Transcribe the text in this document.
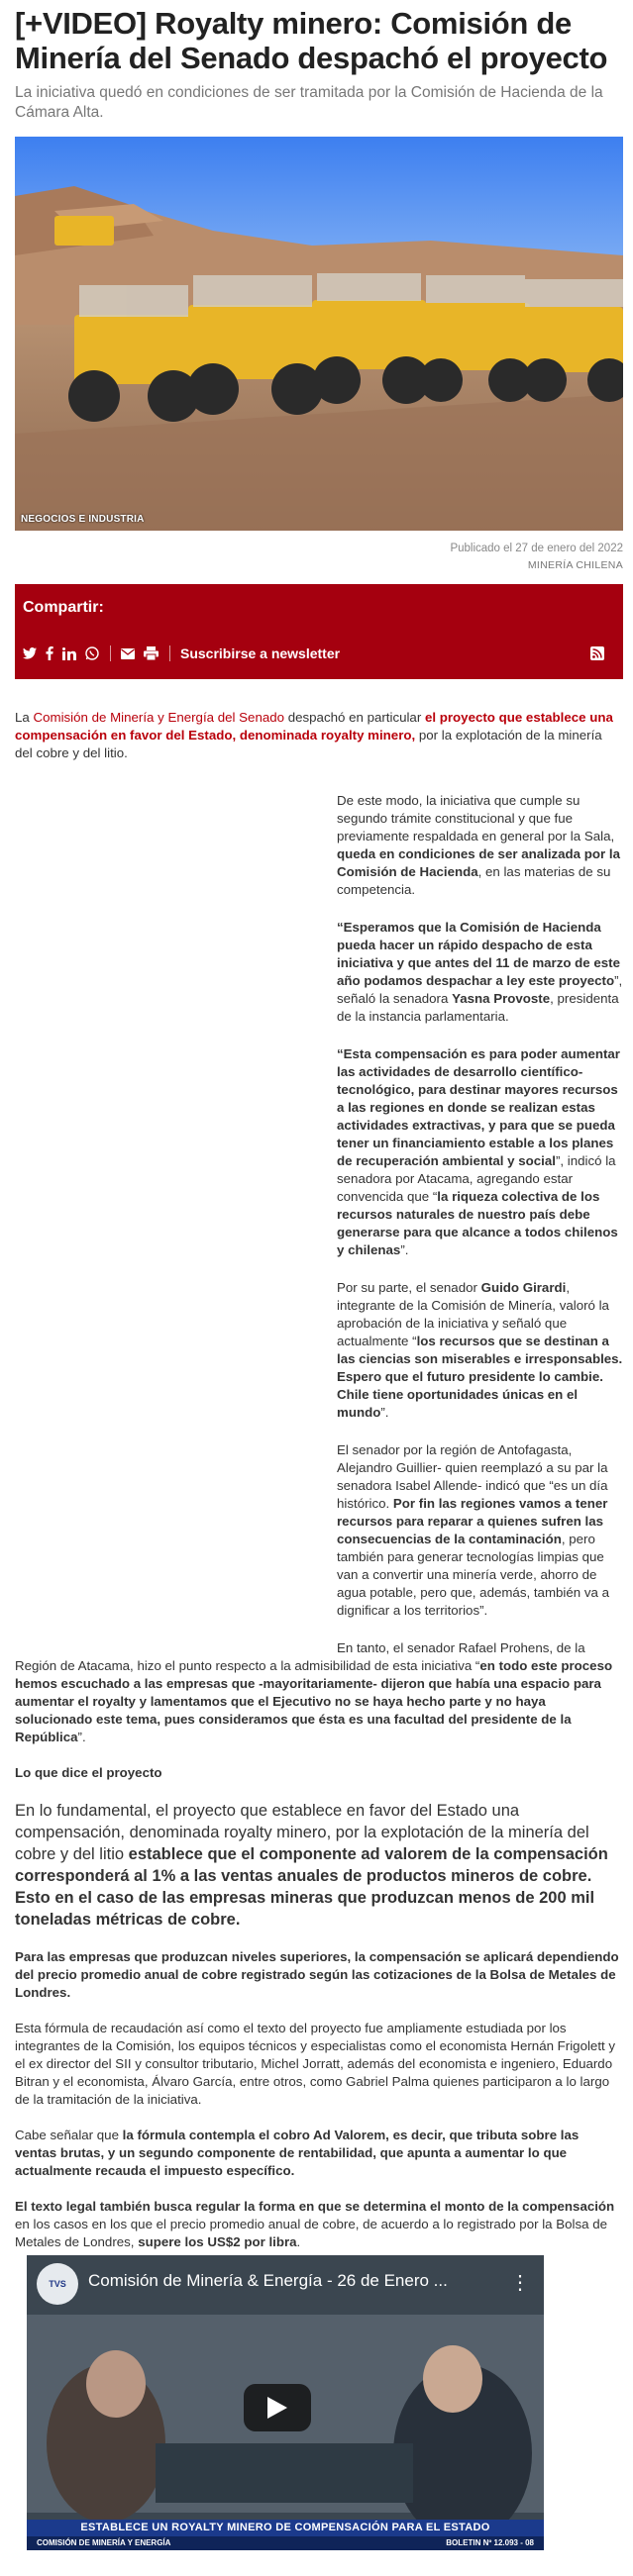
[+VIDEO] Royalty minero: Comisión de Minería del Senado despachó el proyecto
La iniciativa quedó en condiciones de ser tramitada por la Comisión de Hacienda de la Cámara Alta.
NEGOCIOS E INDUSTRIA
Publicado el 27 de enero del 2022
MINERÍA CHILENA
Compartir:
Suscribirse a newsletter

La Comisión de Minería y Energía del Senado despachó en particular el proyecto que establece una compensación en favor del Estado, denominada royalty minero, por la explotación de la minería del cobre y del litio.

De este modo, la iniciativa que cumple su segundo trámite constitucional y que fue previamente respaldada en general por la Sala, queda en condiciones de ser analizada por la Comisión de Hacienda, en las materias de su competencia.

“Esperamos que la Comisión de Hacienda pueda hacer un rápido despacho de esta iniciativa y que antes del 11 de marzo de este año podamos despachar a ley este proyecto”, señaló la senadora Yasna Provoste, presidenta de la instancia parlamentaria.

“Esta compensación es para poder aumentar las actividades de desarrollo científico-tecnológico, para destinar mayores recursos a las regiones en donde se realizan estas actividades extractivas, y para que se pueda tener un financiamiento estable a los planes de recuperación ambiental y social”, indicó la senadora por Atacama, agregando estar convencida que “la riqueza colectiva de los recursos naturales de nuestro país debe generarse para que alcance a todos chilenos y chilenas”.

Por su parte, el senador Guido Girardi, integrante de la Comisión de Minería, valoró la aprobación de la iniciativa y señaló que actualmente “los recursos que se destinan a las ciencias son miserables e irresponsables. Espero que el futuro presidente lo cambie. Chile tiene oportunidades únicas en el mundo”.

El senador por la región de Antofagasta, Alejandro Guillier- quien reemplazó a su par la senadora Isabel Allende- indicó que “es un día histórico. Por fin las regiones vamos a tener recursos para reparar a quienes sufren las consecuencias de la contaminación, pero también para generar tecnologías limpias que van a convertir una minería verde, ahorro de agua potable, pero que, además, también va a dignificar a los territorios”.

En tanto, el senador Rafael Prohens, de la

Región de Atacama, hizo el punto respecto a la admisibilidad de esta iniciativa “en todo este proceso hemos escuchado a las empresas que -mayoritariamente- dijeron que había una espacio para aumentar el royalty y lamentamos que el Ejecutivo no se haya hecho parte y no haya solucionado este tema, pues consideramos que ésta es una facultad del presidente de la República”.

Lo que dice el proyecto

En lo fundamental, el proyecto que establece en favor del Estado una compensación, denominada royalty minero, por la explotación de la minería del cobre y del litio establece que el componente ad valorem de la compensación corresponderá al 1% a las ventas anuales de productos mineros de cobre. Esto en el caso de las empresas mineras que produzcan menos de 200 mil toneladas métricas de cobre.

Para las empresas que produzcan niveles superiores, la compensación se aplicará dependiendo del precio promedio anual de cobre registrado según las cotizaciones de la Bolsa de Metales de Londres.

Esta fórmula de recaudación así como el texto del proyecto fue ampliamente estudiada por los integrantes de la Comisión, los equipos técnicos y especialistas como el economista Hernán Frigolett y el ex director del SII y consultor tributario, Michel Jorratt, además del economista e ingeniero, Eduardo Bitran y el economista, Álvaro García, entre otros, como Gabriel Palma quienes participaron a lo largo de la tramitación de la iniciativa.

Cabe señalar que la fórmula contempla el cobro Ad Valorem, es decir, que tributa sobre las ventas brutas, y un segundo componente de rentabilidad, que apunta a aumentar lo que actualmente recauda el impuesto específico.

El texto legal también busca regular la forma en que se determina el monto de la compensación en los casos en los que el precio promedio anual de cobre, de acuerdo a lo registrado por la Bolsa de Metales de Londres, supere los US$2 por libra.

TVS	Comisión de Minería & Energía - 26 de Enero ...	⋮
ESTABLECE UN ROYALTY MINERO DE COMPENSACIÓN PARA EL ESTADO
COMISIÓN DE MINERÍA Y ENERGÍA	BOLETIN Nº 12.093 - 08
